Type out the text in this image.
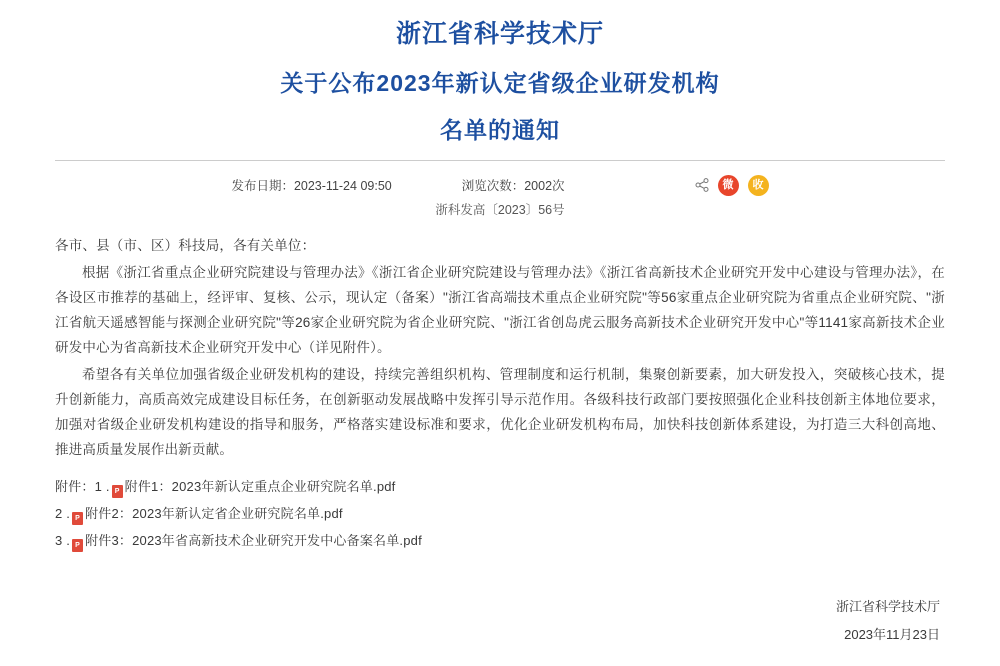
浙江省科学技术厅
关于公布2023年新认定省级企业研发机构
名单的通知
发布日期：2023-11-24 09:50	浏览次数：2002次	微	收
浙科发高〔2023〕56号
各市、县（市、区）科技局，各有关单位：

根据《浙江省重点企业研究院建设与管理办法》《浙江省企业研究院建设与管理办法》《浙江省高新技术企业研究开发中心建设与管理办法》，在各设区市推荐的基础上，经评审、复核、公示，现认定（备案）"浙江省高端技术重点企业研究院"等56家重点企业研究院为省重点企业研究院、"浙江省航天遥感智能与探测企业研究院"等26家企业研究院为省企业研究院、"浙江省创岛虎云服务高新技术企业研究开发中心"等1141家高新技术企业研发中心为省高新技术企业研究开发中心（详见附件）。

希望各有关单位加强省级企业研发机构的建设，持续完善组织机构、管理制度和运行机制，集聚创新要素，加大研发投入，突破核心技术，提升创新能力，高质高效完成建设目标任务，在创新驱动发展战略中发挥引导示范作用。各级科技行政部门要按照强化企业科技创新主体地位要求，加强对省级企业研发机构建设的指导和服务，严格落实建设标准和要求，优化企业研发机构布局，加快科技创新体系建设，为打造三大科创高地、推进高质量发展作出新贡献。

附件：1 . P 附件1：2023年新认定重点企业研究院名单.pdf
2 . P 附件2：2023年新认定省企业研究院名单.pdf
3 . P 附件3：2023年省高新技术企业研究开发中心备案名单.pdf
浙江省科学技术厅
2023年11月23日
